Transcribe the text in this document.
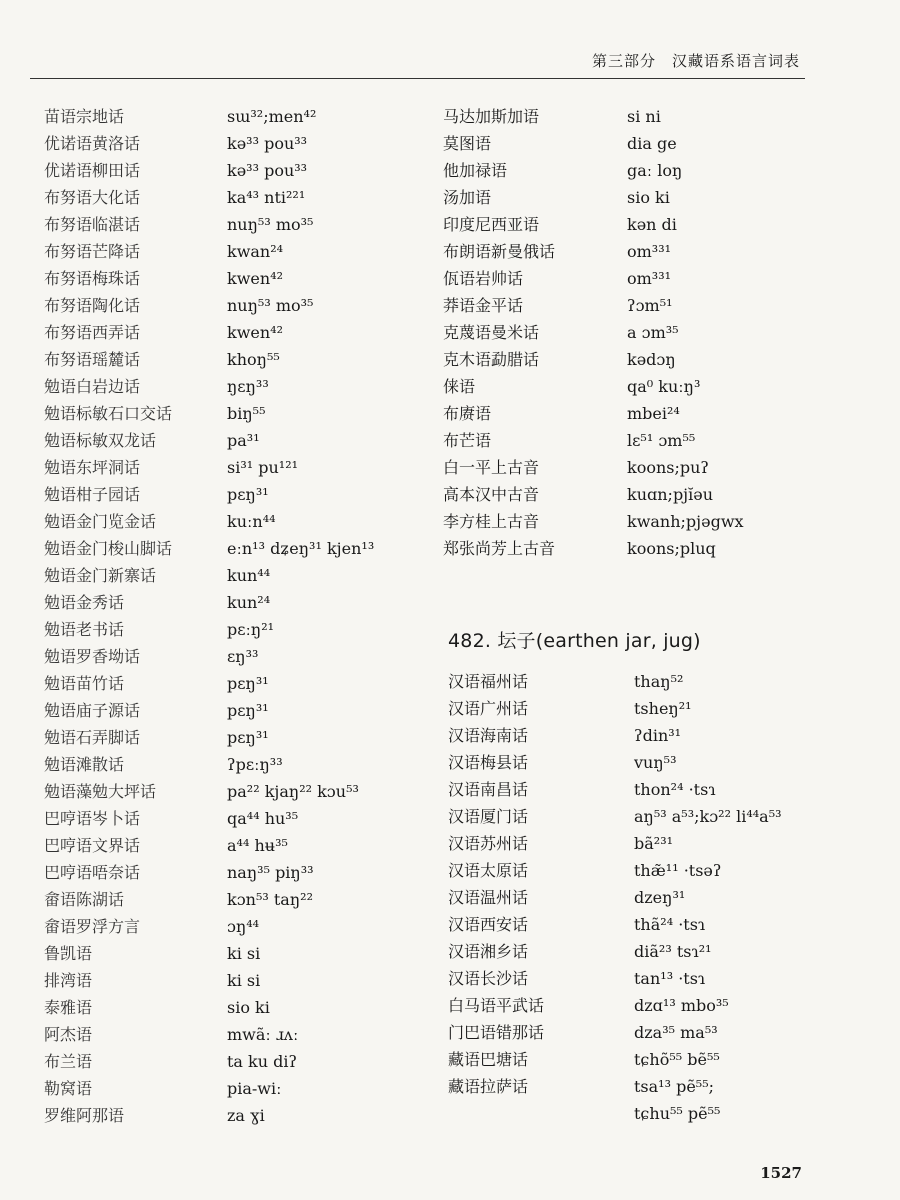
第三部分　汉藏语系语言词表
苗语宗地话	sɯ³²;men⁴²
优诺语黄洛话	kə³³ pou³³
优诺语柳田话	kə³³ pou³³
布努语大化话	ka⁴³ nti²²¹
布努语临湛话	nuŋ⁵³ mo³⁵
布努语芒降话	kwan²⁴
布努语梅珠话	kwen⁴²
布努语陶化话	nuŋ⁵³ mo³⁵
布努语西弄话	kwen⁴²
布努语瑶麓话	khoŋ⁵⁵
勉语白岩边话	ŋɛŋ³³
勉语标敏石口交话	biŋ⁵⁵
勉语标敏双龙话	pa³¹
勉语东坪洞话	si³¹ pu¹²¹
勉语柑子园话	pɛŋ³¹
勉语金门览金话	kuːn⁴⁴
勉语金门梭山脚话	eːn¹³ dʑeŋ³¹ kjen¹³
勉语金门新寨话	kun⁴⁴
勉语金秀话	kun²⁴
勉语老书话	pɛːŋ²¹
勉语罗香坳话	ɛŋ³³
勉语苗竹话	pɛŋ³¹
勉语庙子源话	pɛŋ³¹
勉语石弄脚话	pɛŋ³¹
勉语滩散话	ʔpɛːŋ³³
勉语藻勉大坪话	pa²² kjaŋ²² kɔu⁵³
巴哼语岑卜话	qa⁴⁴ hu³⁵
巴哼语文界话	a⁴⁴ hʉ³⁵
巴哼语唔奈话	naŋ³⁵ piŋ³³
畲语陈湖话	kɔn⁵³ taŋ²²
畲语罗浮方言	ɔŋ⁴⁴
鲁凯语	ki si
排湾语	ki si
泰雅语	sio ki
阿杰语	mwãː ɹʌː
布兰语	ta ku diʔ
勒窝语	pia-wiː
罗维阿那语	za ɣi
马达加斯加语	si ni
莫图语	dia ge
他加禄语	gaː loŋ
汤加语	sio ki
印度尼西亚语	kən di
布朗语新曼俄话	om³³¹
佤语岩帅话	om³³¹
莽语金平话	ʔɔm⁵¹
克蔑语曼米话	a ɔm³⁵
克木语勐腊话	kədɔŋ
俫语	qa⁰ kuːŋ³
布赓语	mbei²⁴
布芒语	lɛ⁵¹ ɔm⁵⁵
白一平上古音	koons;puʔ
高本汉中古音	kuɑn;pjĭəu
李方桂上古音	kwanh;pjəgwx
郑张尚芳上古音	koons;pluq
482. 坛子(earthen jar, jug)
汉语福州话	thaŋ⁵²
汉语广州话	tsheŋ²¹
汉语海南话	ʔdin³¹
汉语梅县话	vuŋ⁵³
汉语南昌话	thon²⁴ ·tsɿ
汉语厦门话	aŋ⁵³ a⁵³;kɔ²² li⁴⁴a⁵³
汉语苏州话	bã²³¹
汉语太原话	thæ̃¹¹ ·tsəʔ
汉语温州话	dzeŋ³¹
汉语西安话	thã²⁴ ·tsɿ
汉语湘乡话	diã²³ tsɿ²¹
汉语长沙话	tan¹³ ·tsɿ
白马语平武话	dzɑ¹³ mbo³⁵
门巴语错那话	dza³⁵ ma⁵³
藏语巴塘话	tɕhõ⁵⁵ bẽ⁵⁵
藏语拉萨话	tsa¹³ pẽ⁵⁵;
tɕhu⁵⁵ pẽ⁵⁵
1527
